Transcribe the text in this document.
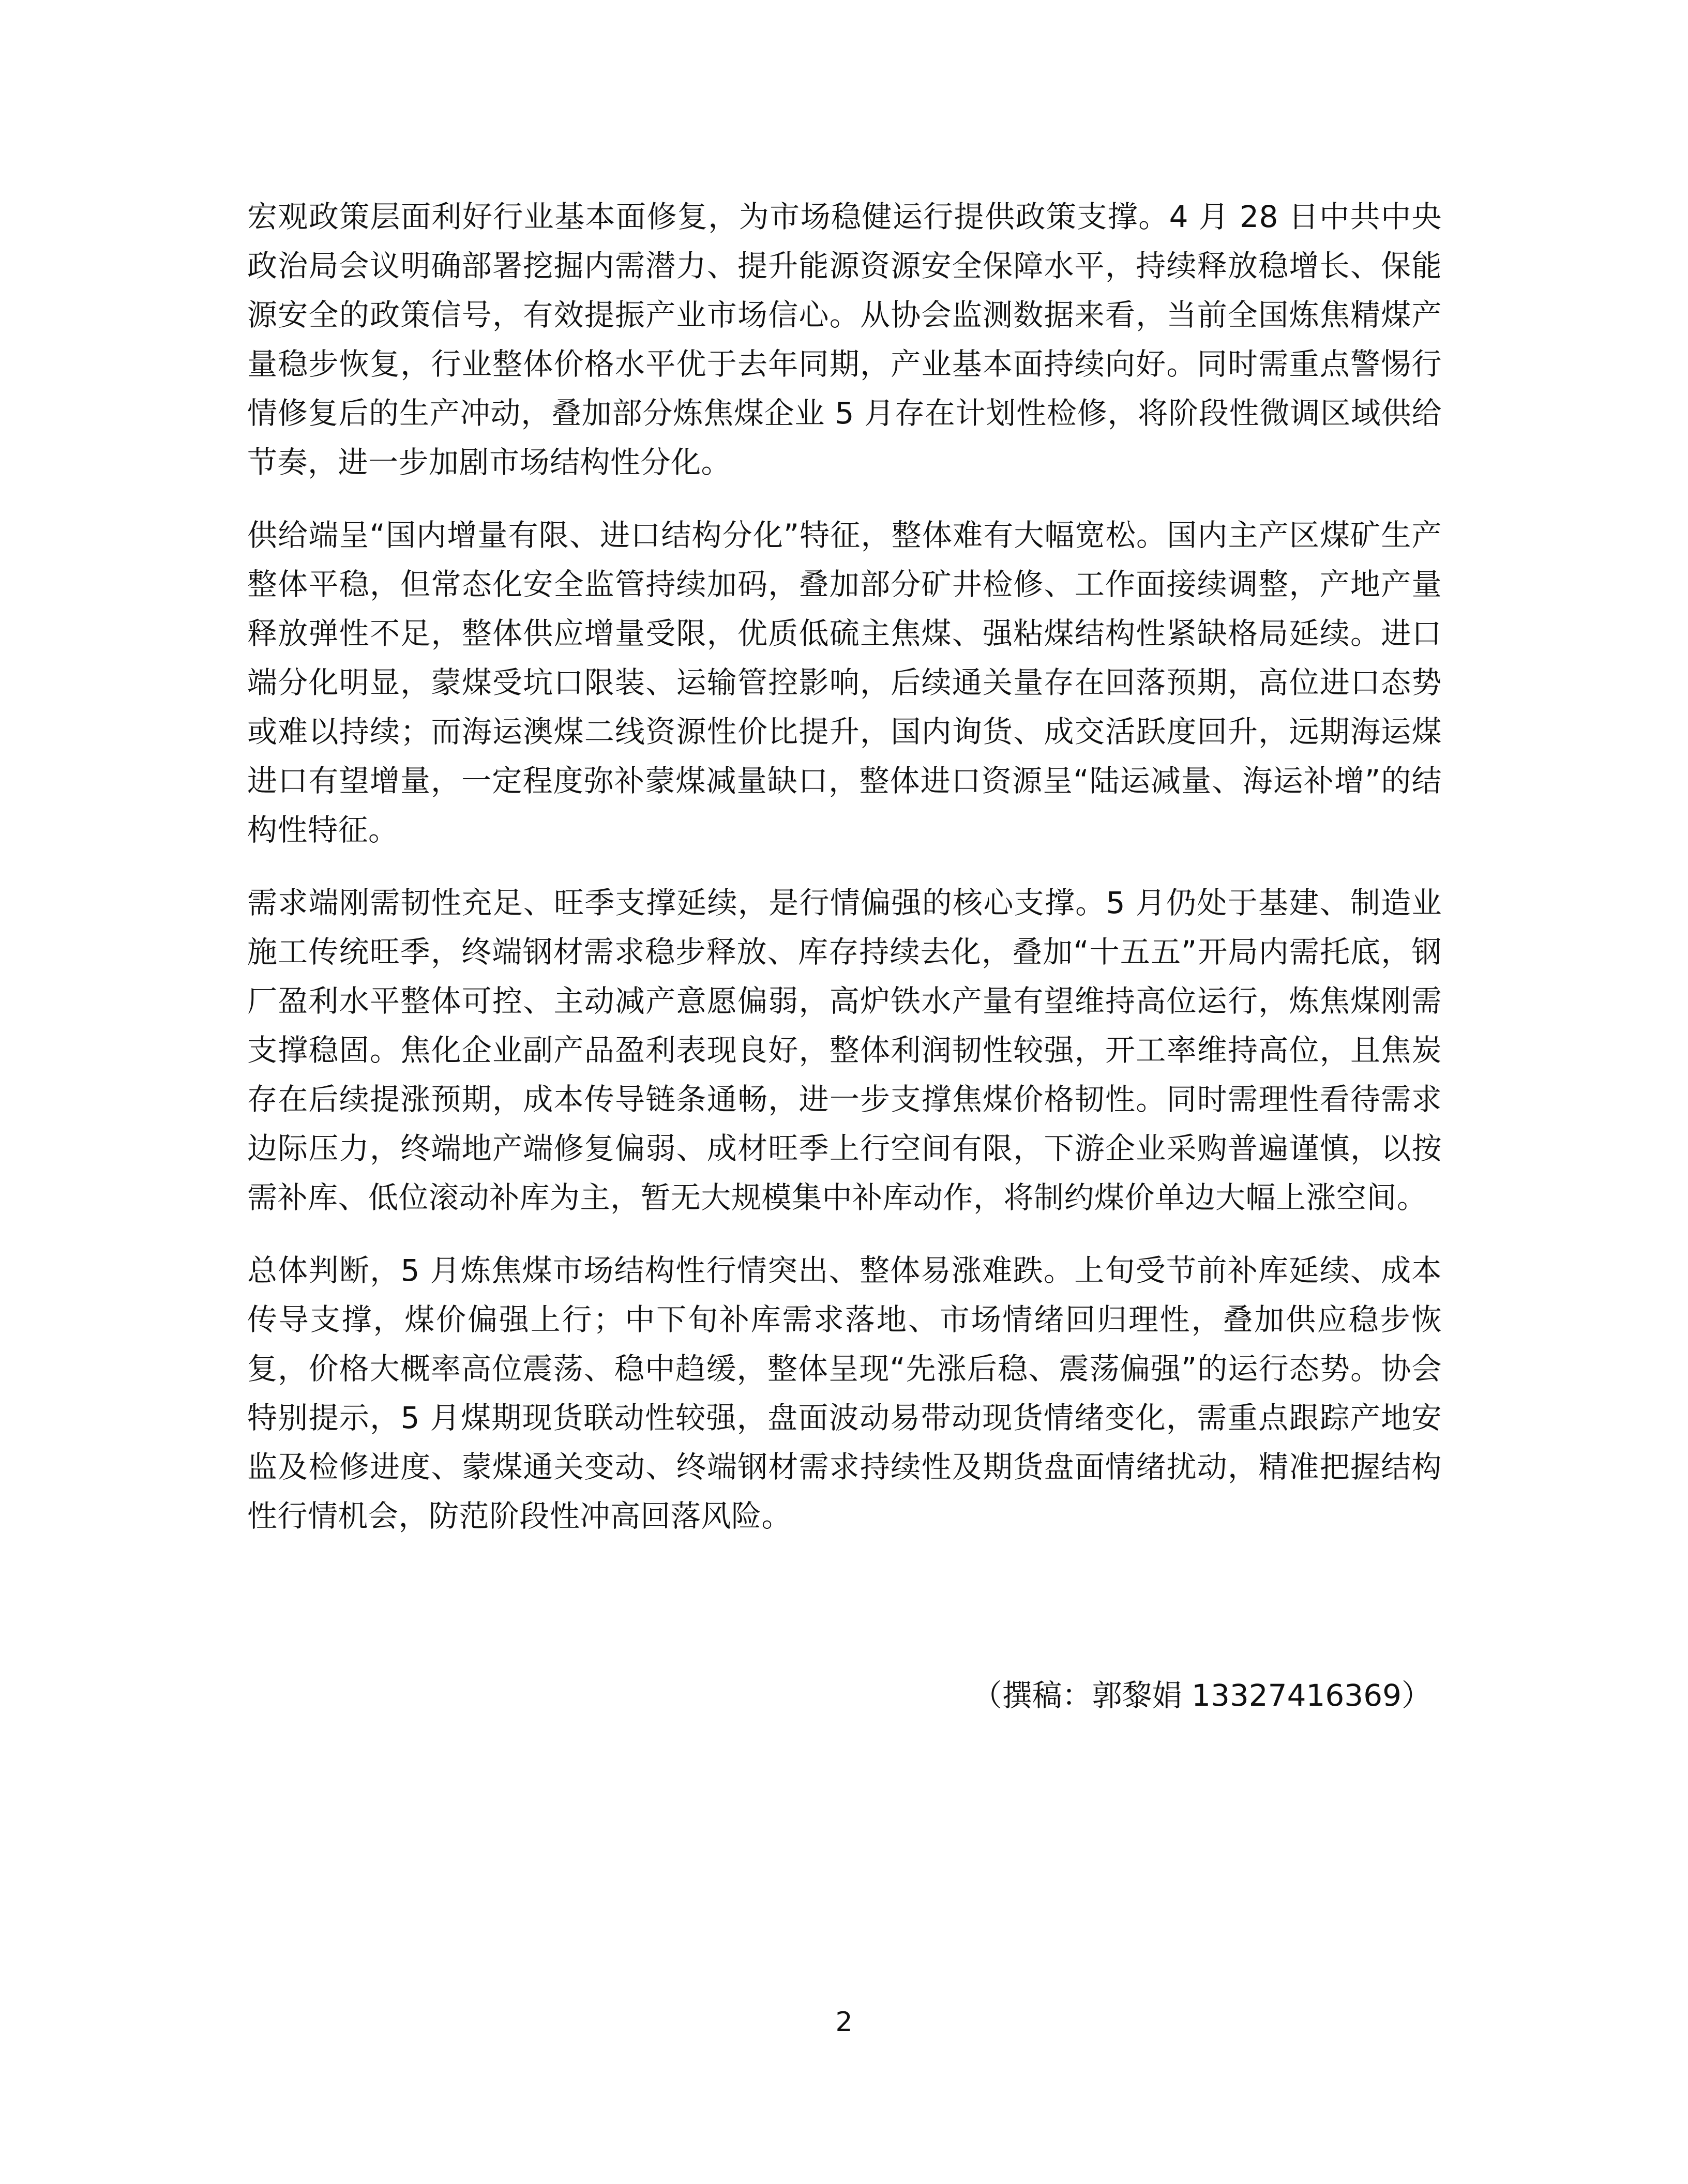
宏观政策层面利好行业基本面修复，为市场稳健运行提供政策支撑。4 月 28 日中共中央政治局会议明确部署挖掘内需潜力、提升能源资源安全保障水平，持续释放稳增长、保能源安全的政策信号，有效提振产业市场信心。从协会监测数据来看，当前全国炼焦精煤产量稳步恢复，行业整体价格水平优于去年同期，产业基本面持续向好。同时需重点警惕行情修复后的生产冲动，叠加部分炼焦煤企业 5 月存在计划性检修，将阶段性微调区域供给节奏，进一步加剧市场结构性分化。

供给端呈“国内增量有限、进口结构分化”特征，整体难有大幅宽松。国内主产区煤矿生产整体平稳，但常态化安全监管持续加码，叠加部分矿井检修、工作面接续调整，产地产量释放弹性不足，整体供应增量受限，优质低硫主焦煤、强粘煤结构性紧缺格局延续。进口端分化明显，蒙煤受坑口限装、运输管控影响，后续通关量存在回落预期，高位进口态势或难以持续；而海运澳煤二线资源性价比提升，国内询货、成交活跃度回升，远期海运煤进口有望增量，一定程度弥补蒙煤减量缺口，整体进口资源呈“陆运减量、海运补增”的结构性特征。

需求端刚需韧性充足、旺季支撑延续，是行情偏强的核心支撑。5 月仍处于基建、制造业施工传统旺季，终端钢材需求稳步释放、库存持续去化，叠加“十五五”开局内需托底，钢厂盈利水平整体可控、主动减产意愿偏弱，高炉铁水产量有望维持高位运行，炼焦煤刚需支撑稳固。焦化企业副产品盈利表现良好，整体利润韧性较强，开工率维持高位，且焦炭存在后续提涨预期，成本传导链条通畅，进一步支撑焦煤价格韧性。同时需理性看待需求边际压力，终端地产端修复偏弱、成材旺季上行空间有限，下游企业采购普遍谨慎，以按需补库、低位滚动补库为主，暂无大规模集中补库动作，将制约煤价单边大幅上涨空间。

总体判断，5 月炼焦煤市场结构性行情突出、整体易涨难跌。上旬受节前补库延续、成本传导支撑，煤价偏强上行；中下旬补库需求落地、市场情绪回归理性，叠加供应稳步恢复，价格大概率高位震荡、稳中趋缓，整体呈现“先涨后稳、震荡偏强”的运行态势。协会特别提示，5 月煤期现货联动性较强，盘面波动易带动现货情绪变化，需重点跟踪产地安监及检修进度、蒙煤通关变动、终端钢材需求持续性及期货盘面情绪扰动，精准把握结构性行情机会，防范阶段性冲高回落风险。

（撰稿：郭黎娟 13327416369）
2
